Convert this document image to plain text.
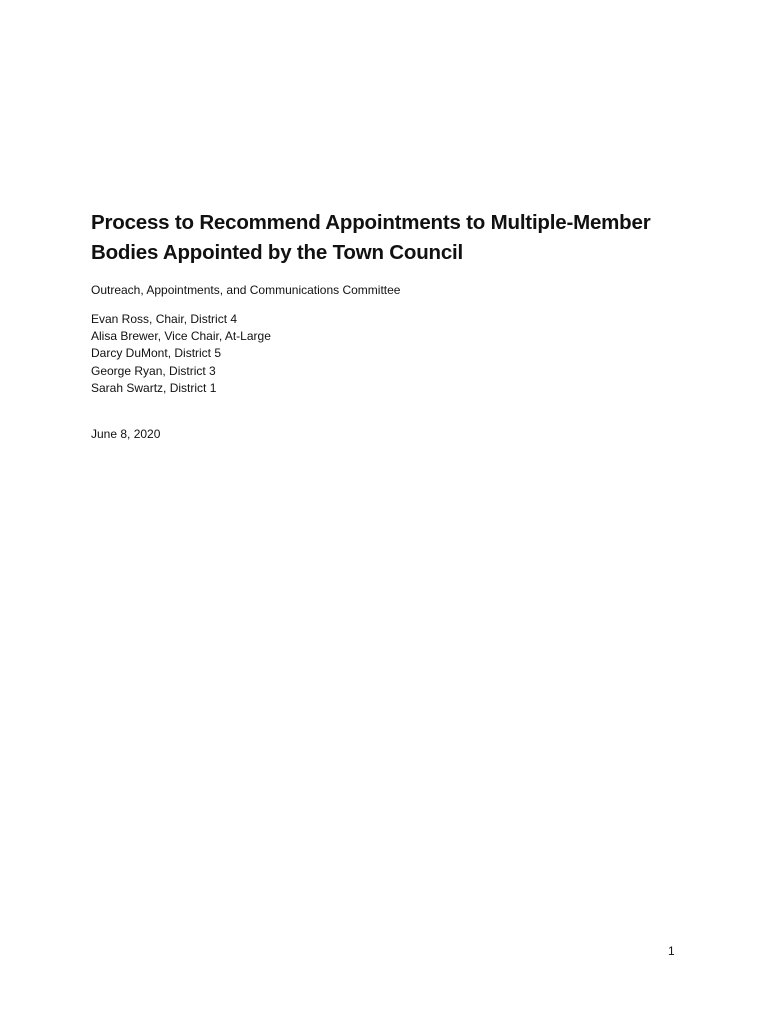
Process to Recommend Appointments to Multiple-Member
Bodies Appointed by the Town Council
Outreach, Appointments, and Communications Committee
Evan Ross, Chair, District 4
Alisa Brewer, Vice Chair, At-Large
Darcy DuMont, District 5
George Ryan, District 3
Sarah Swartz, District 1
June 8, 2020
1
